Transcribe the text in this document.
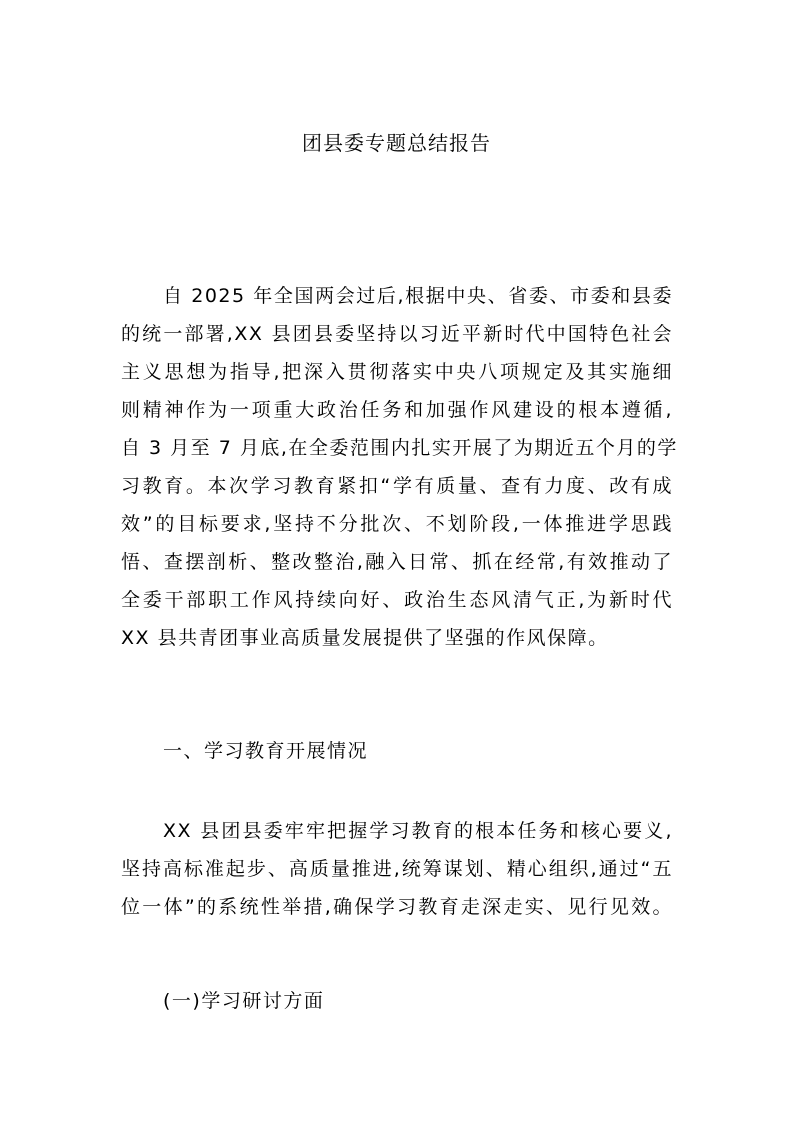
团县委专题总结报告
自 2025 年全国两会过后,根据中央、省委、市委和县委
的统一部署,XX 县团县委坚持以习近平新时代中国特色社会
主义思想为指导,把深入贯彻落实中央八项规定及其实施细
则精神作为一项重大政治任务和加强作风建设的根本遵循,
自 3 月至 7 月底,在全委范围内扎实开展了为期近五个月的学
习教育。本次学习教育紧扣“学有质量、查有力度、改有成
效”的目标要求,坚持不分批次、不划阶段,一体推进学思践
悟、查摆剖析、整改整治,融入日常、抓在经常,有效推动了
全委干部职工作风持续向好、政治生态风清气正,为新时代
XX 县共青团事业高质量发展提供了坚强的作风保障。
一、学习教育开展情况
XX 县团县委牢牢把握学习教育的根本任务和核心要义,
坚持高标准起步、高质量推进,统筹谋划、精心组织,通过“五
位一体”的系统性举措,确保学习教育走深走实、见行见效。
(一)学习研讨方面
